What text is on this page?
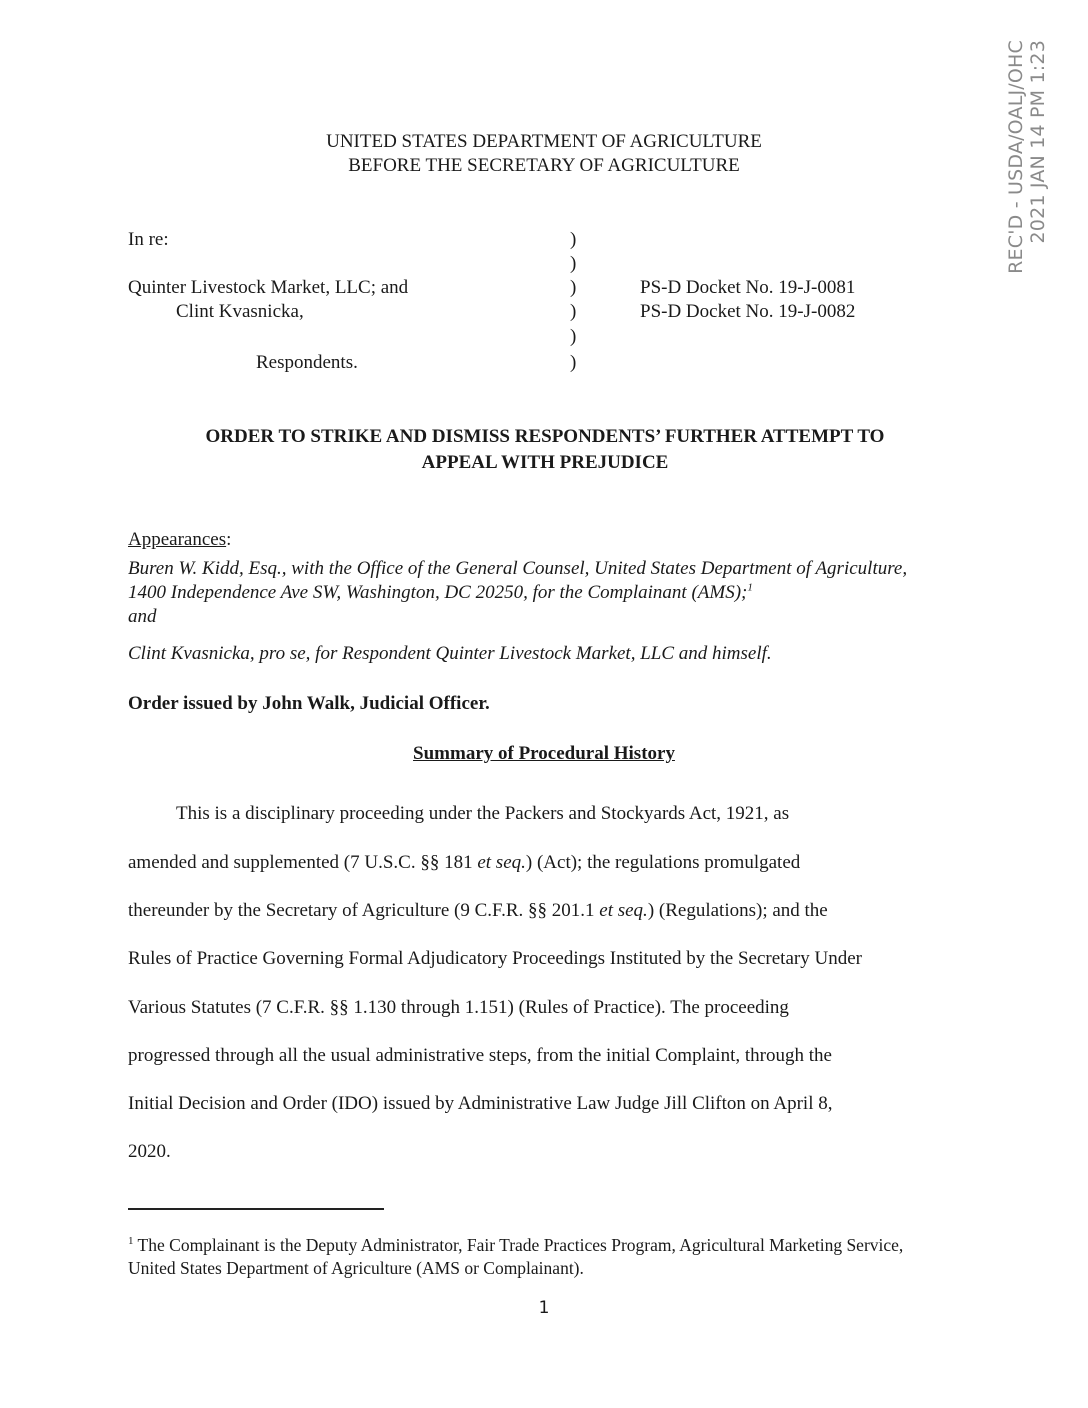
REC'D - USDA/OALJ/OHC 2021 JAN 14 PM 1:23
UNITED STATES DEPARTMENT OF AGRICULTURE
BEFORE THE SECRETARY OF AGRICULTURE
In re:
Quinter Livestock Market, LLC; and
Clint Kvasnicka,
Respondents.
)
)
)
)
)
)
PS-D Docket No. 19-J-0081
PS-D Docket No. 19-J-0082
ORDER TO STRIKE AND DISMISS RESPONDENTS’ FURTHER ATTEMPT TO
APPEAL WITH PREJUDICE
Appearances:
Buren W. Kidd, Esq., with the Office of the General Counsel, United States Department of Agriculture, 1400 Independence Ave SW, Washington, DC 20250, for the Complainant (AMS);$^1$
and
Clint Kvasnicka, pro se, for Respondent Quinter Livestock Market, LLC and himself.
Order issued by John Walk, Judicial Officer.
Summary of Procedural History
This is a disciplinary proceeding under the Packers and Stockyards Act, 1921, as
amended and supplemented (7 U.S.C. §§ 181 et seq.) (Act); the regulations promulgated
thereunder by the Secretary of Agriculture (9 C.F.R. §§ 201.1 et seq.) (Regulations); and the
Rules of Practice Governing Formal Adjudicatory Proceedings Instituted by the Secretary Under
Various Statutes (7 C.F.R. §§ 1.130 through 1.151) (Rules of Practice). The proceeding
progressed through all the usual administrative steps, from the initial Complaint, through the
Initial Decision and Order (IDO) issued by Administrative Law Judge Jill Clifton on April 8,
2020.
$^1$ The Complainant is the Deputy Administrator, Fair Trade Practices Program, Agricultural Marketing Service, United States Department of Agriculture (AMS or Complainant).
1
